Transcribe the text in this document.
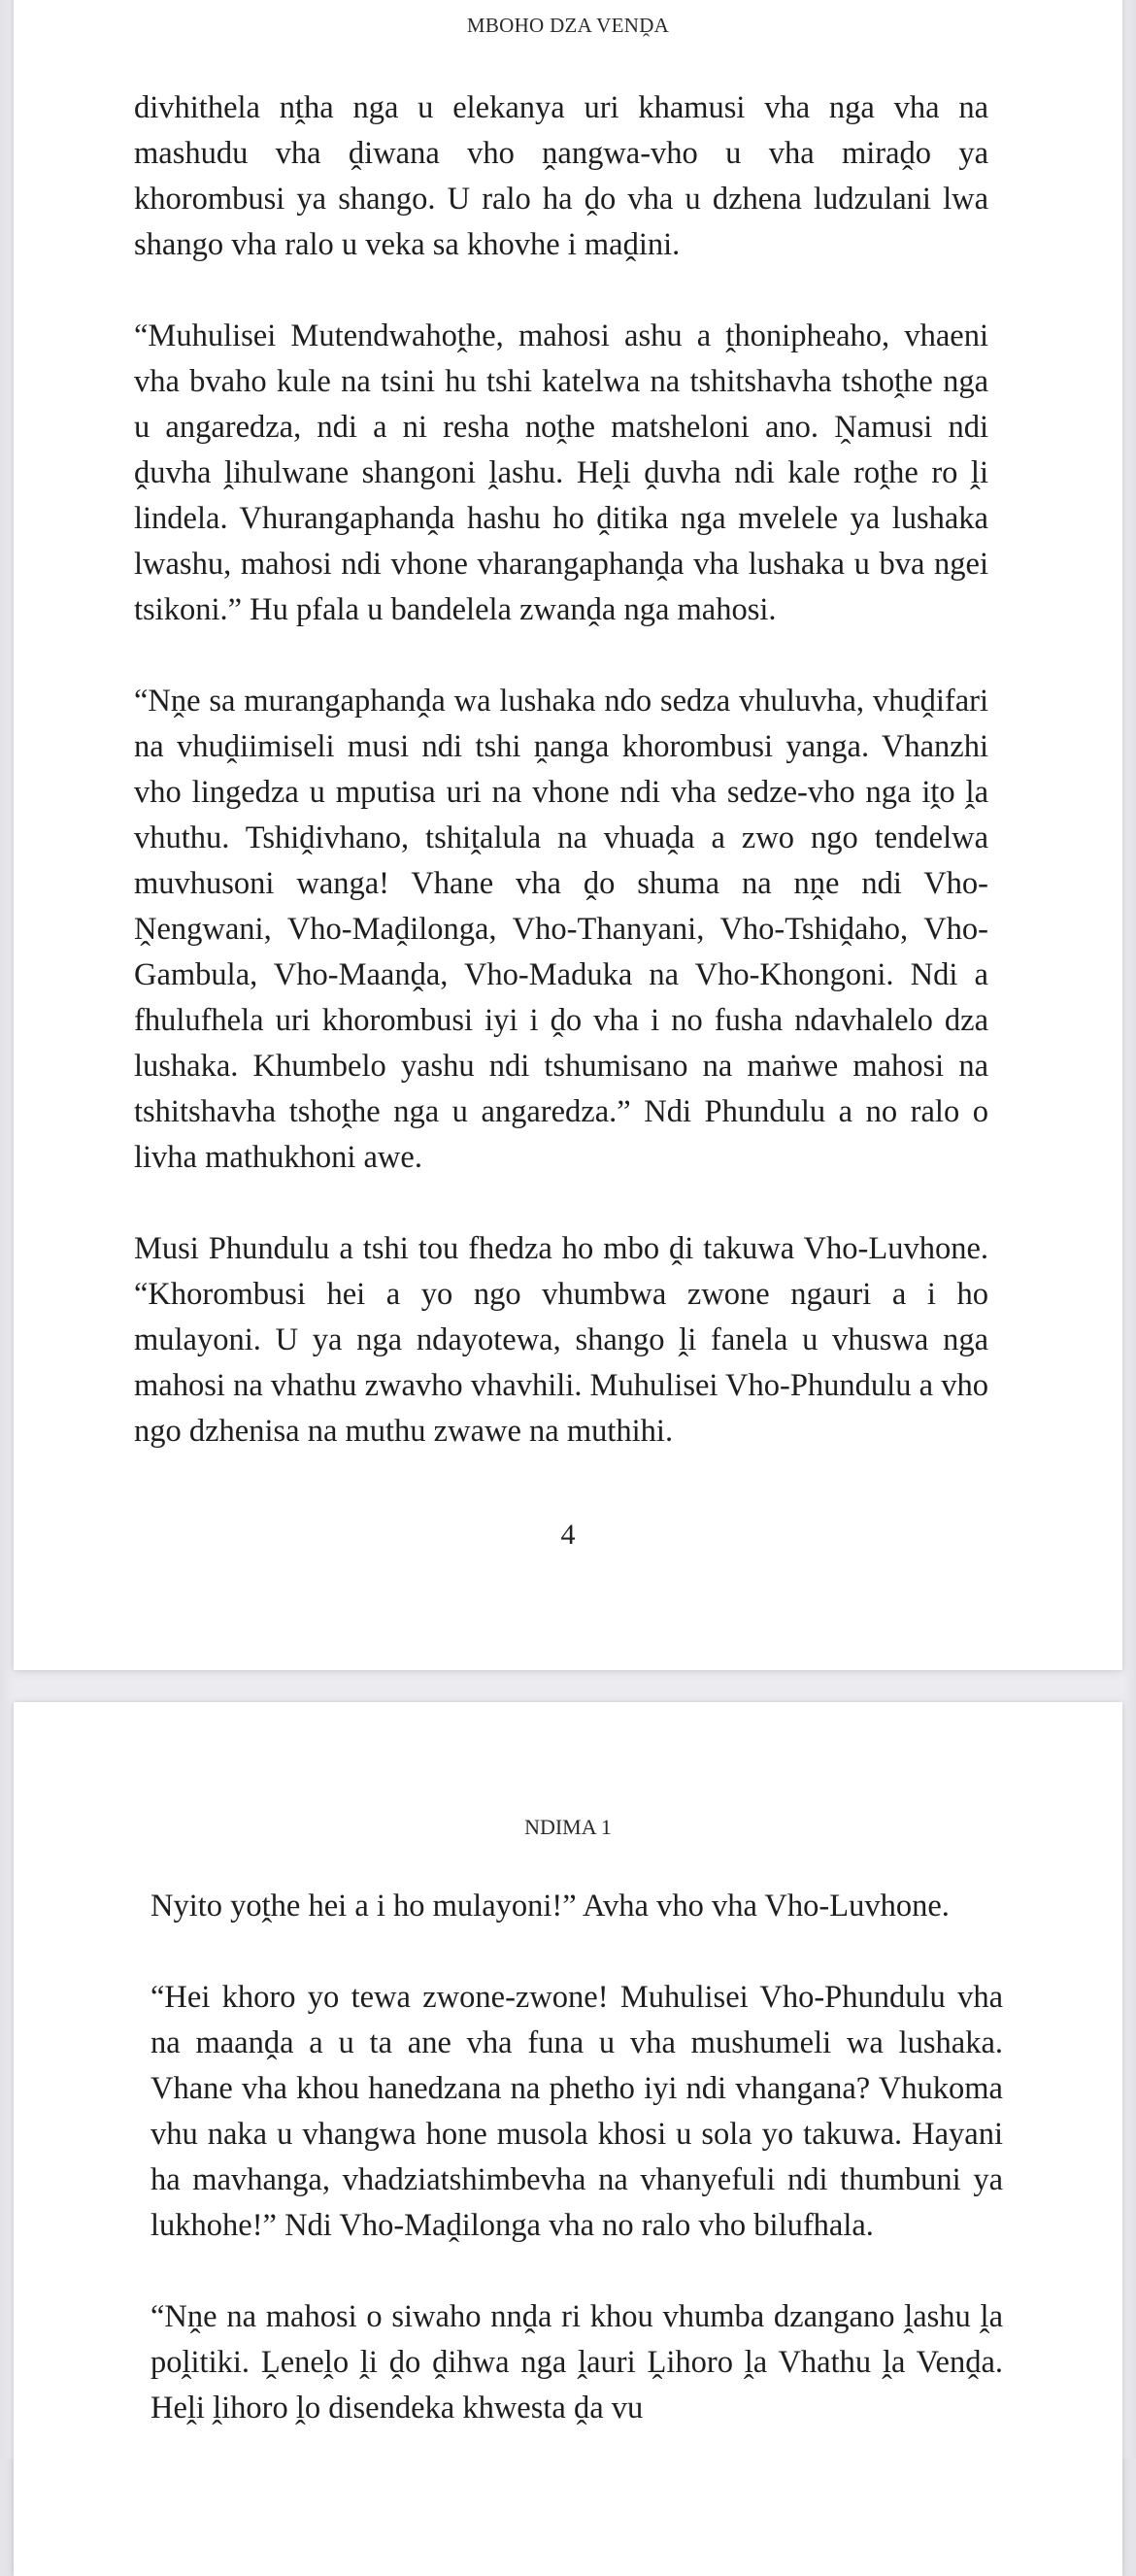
MBOHO DZA VENḒA

divhithela nṱha nga u elekanya uri khamusi vha nga vha na mashudu vha ḓiwana vho ṋangwa-vho u vha miraḓo ya khorombusi ya shango. U ralo ha ḓo vha u dzhena ludzulani lwa shango vha ralo u veka sa khovhe i maḓini.

“Muhulisei Mutendwahoṱhe, mahosi ashu a ṱhonipheaho, vhaeni vha bvaho kule na tsini hu tshi katelwa na tshitshavha tshoṱhe nga u angaredza, ndi a ni resha noṱhe matsheloni ano. Ṋamusi ndi ḓuvha ḽihulwane shangoni ḽashu. Heḽi ḓuvha ndi kale roṱhe ro ḽi lindela. Vhurangaphanḓa hashu ho ḓitika nga mvelele ya lushaka lwashu, mahosi ndi vhone vharangaphanḓa vha lushaka u bva ngei tsikoni.” Hu pfala u bandelela zwanḓa nga mahosi.

“Nṋe sa murangaphanḓa wa lushaka ndo sedza vhuluvha, vhuḓifari na vhuḓiimiseli musi ndi tshi ṋanga khorombusi yanga. Vhanzhi vho lingedza u mputisa uri na vhone ndi vha sedze-vho nga iṱo ḽa vhuthu. Tshiḓivhano, tshiṱalula na vhuaḓa a zwo ngo tendelwa muvhusoni wanga! Vhane vha ḓo shuma na nṋe ndi Vho-Ṋengwani, Vho-Maḓilonga, Vho-Thanyani, Vho-Tshiḓaho, Vho-Gambula, Vho-Maanḓa, Vho-Maduka na Vho-Khongoni. Ndi a fhulufhela uri khorombusi iyi i ḓo vha i no fusha ndavhalelo dza lushaka. Khumbelo yashu ndi tshumisano na maṅwe mahosi na tshitshavha tshoṱhe nga u angaredza.” Ndi Phundulu a no ralo o livha mathukhoni awe.

Musi Phundulu a tshi tou fhedza ho mbo ḓi takuwa Vho-Luvhone. “Khorombusi hei a yo ngo vhumbwa zwone ngauri a i ho mulayoni. U ya nga ndayotewa, shango ḽi fanela u vhuswa nga mahosi na vhathu zwavho vhavhili. Muhulisei Vho-Phundulu a vho ngo dzhenisa na muthu zwawe na muthihi.

4
NDIMA 1

Nyito yoṱhe hei a i ho mulayoni!” Avha vho vha Vho-Luvhone.

“Hei khoro yo tewa zwone-zwone! Muhulisei Vho-Phundulu vha na maanḓa a u ta ane vha funa u vha mushumeli wa lushaka. Vhane vha khou hanedzana na phetho iyi ndi vhangana? Vhukoma vhu naka u vhangwa hone musola khosi u sola yo takuwa. Hayani ha mavhanga, vhadziatshimbevha na vhanyefuli ndi thumbuni ya lukhohe!” Ndi Vho-Maḓilonga vha no ralo vho bilufhala.

“Nṋe na mahosi o siwaho nnḓa ri khou vhumba dzangano ḽashu ḽa poḽitiki. Ḽeneḽo ḽi ḓo ḓihwa nga ḽauri Ḽihoro ḽa Vhathu ḽa Venḓa. Heḽi ḽihoro ḽo disendeka khwesta ḓa vu
